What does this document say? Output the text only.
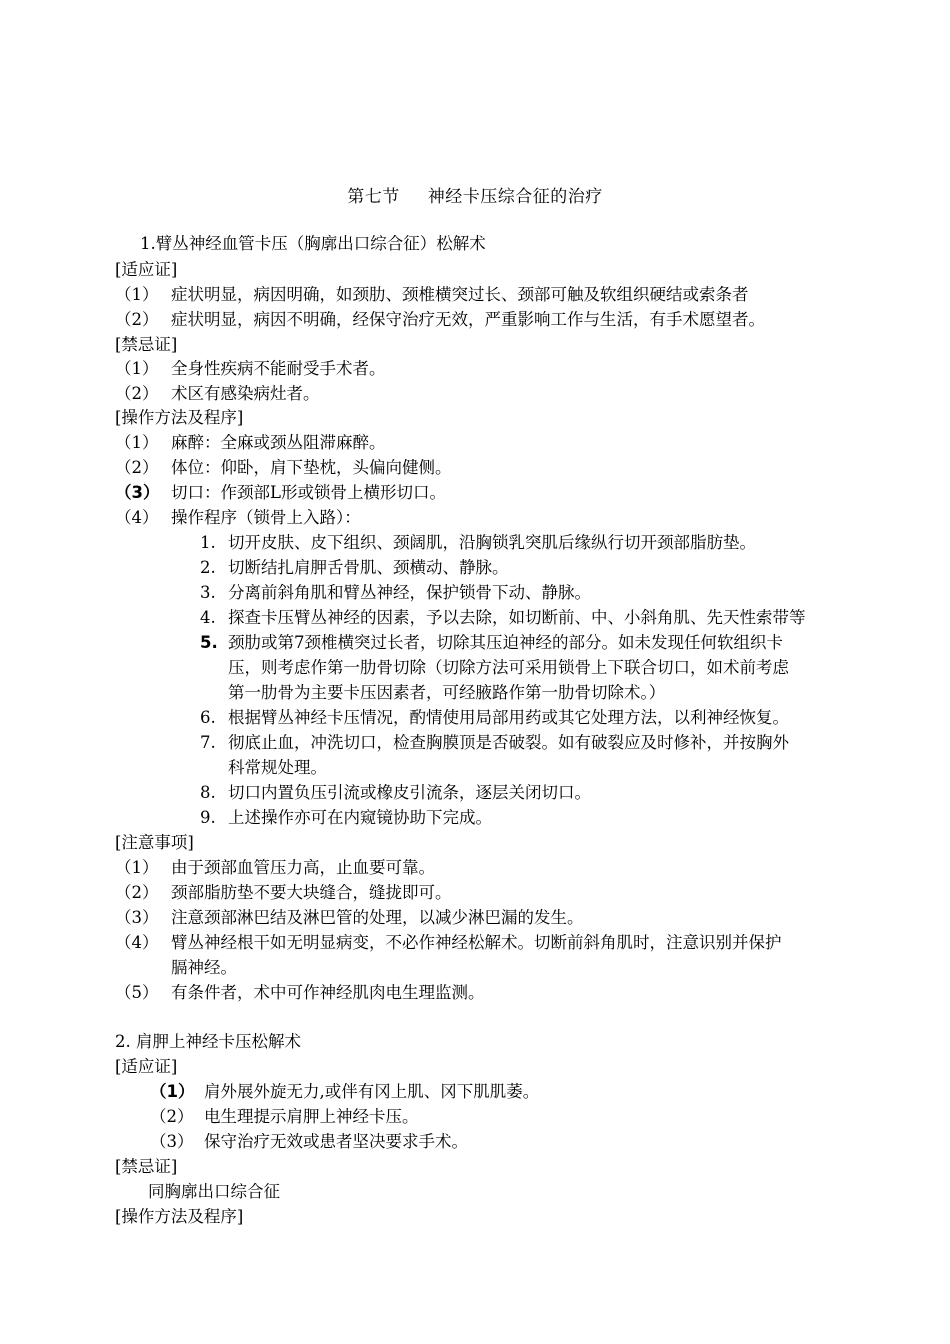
第七节 神经卡压综合征的治疗
1.臂丛神经血管卡压（胸廓出口综合征）松解术
[适应证]
（1） 症状明显，病因明确，如颈肋、颈椎横突过长、颈部可触及软组织硬结或索条者
（2） 症状明显，病因不明确，经保守治疗无效，严重影响工作与生活，有手术愿望者。
[禁忌证]
（1） 全身性疾病不能耐受手术者。
（2） 术区有感染病灶者。
[操作方法及程序]
（1） 麻醉：全麻或颈丛阻滞麻醉。
（2） 体位：仰卧，肩下垫枕，头偏向健侧。
（3） 切口：作颈部L形或锁骨上横形切口。
（4） 操作程序（锁骨上入路）：
1. 切开皮肤、皮下组织、颈阔肌，沿胸锁乳突肌后缘纵行切开颈部脂肪垫。
2. 切断结扎肩胛舌骨肌、颈横动、静脉。
3. 分离前斜角肌和臂丛神经，保护锁骨下动、静脉。
4. 探查卡压臂丛神经的因素，予以去除，如切断前、中、小斜角肌、先天性索带等
5. 颈肋或第7颈椎横突过长者，切除其压迫神经的部分。如未发现任何软组织卡
压，则考虑作第一肋骨切除（切除方法可采用锁骨上下联合切口，如术前考虑
第一肋骨为主要卡压因素者，可经腋路作第一肋骨切除术。）
6. 根据臂丛神经卡压情况，酌情使用局部用药或其它处理方法，以利神经恢复。
7. 彻底止血，冲洗切口，检查胸膜顶是否破裂。如有破裂应及时修补，并按胸外
科常规处理。
8. 切口内置负压引流或橡皮引流条，逐层关闭切口。
9. 上述操作亦可在内窥镜协助下完成。
[注意事项]
（1） 由于颈部血管压力高，止血要可靠。
（2） 颈部脂肪垫不要大块缝合，缝拢即可。
（3） 注意颈部淋巴结及淋巴管的处理，以减少淋巴漏的发生。
（4） 臂丛神经根干如无明显病变，不必作神经松解术。切断前斜角肌时，注意识别并保护
膈神经。
（5） 有条件者，术中可作神经肌肉电生理监测。
2. 肩胛上神经卡压松解术
[适应证]
（1） 肩外展外旋无力,或伴有冈上肌、冈下肌肌萎。
（2） 电生理提示肩胛上神经卡压。
（3） 保守治疗无效或患者坚决要求手术。
[禁忌证]
同胸廓出口综合征
[操作方法及程序]
